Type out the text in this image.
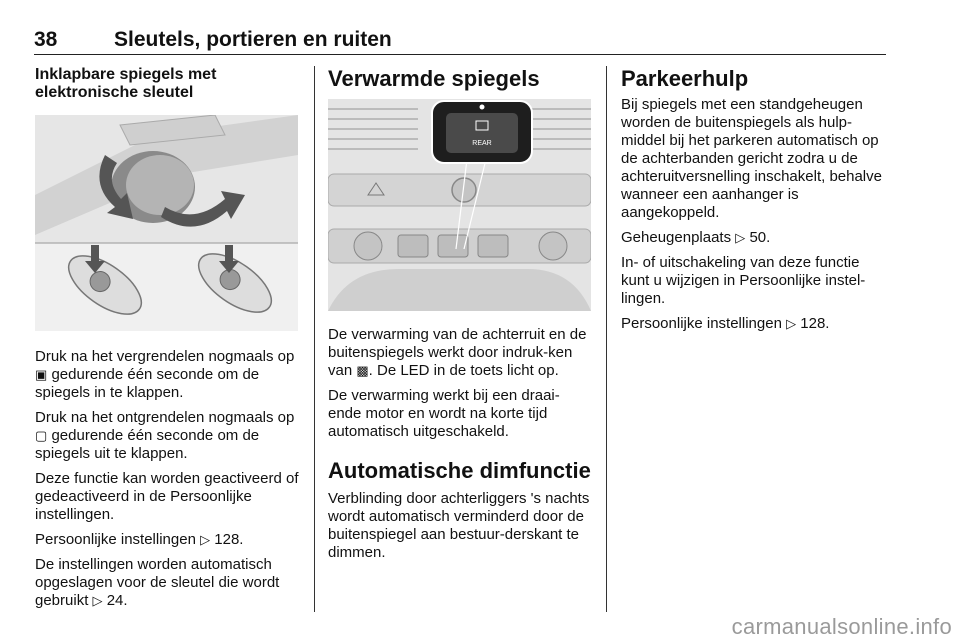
38	Sleutels, portieren en ruiten
Inklapbare spiegels met elektronische sleutel

Druk na het vergrendelen nogmaals op ▣ gedurende één seconde om de spiegels in te klappen.

Druk na het ontgrendelen nogmaals op ▢ gedurende één seconde om de spiegels uit te klappen.

Deze functie kan worden geactiveerd of gedeactiveerd in de Persoonlijke instellingen.

Persoonlijke instellingen ▷ 128.

De instellingen worden automatisch opgeslagen voor de sleutel die wordt gebruikt ▷ 24.

Verwarmde spiegels
REAR

De verwarming van de achterruit en de buitenspiegels werkt door indruk-ken van ▩. De LED in de toets licht op.

De verwarming werkt bij een draai-ende motor en wordt na korte tijd automatisch uitgeschakeld.

Automatische dimfunctie

Verblinding door achterliggers 's nachts wordt automatisch verminderd door de buitenspiegel aan bestuur-derskant te dimmen.

Parkeerhulp

Bij spiegels met een standgeheugen worden de buitenspiegels als hulp-middel bij het parkeren automatisch op de achterbanden gericht zodra u de achteruitversnelling inschakelt, behalve wanneer een aanhanger is aangekoppeld.

Geheugenplaats ▷ 50.

In- of uitschakeling van deze functie kunt u wijzigen in Persoonlijke instel-lingen.

Persoonlijke instellingen ▷ 128.

carmanualsonline.info
